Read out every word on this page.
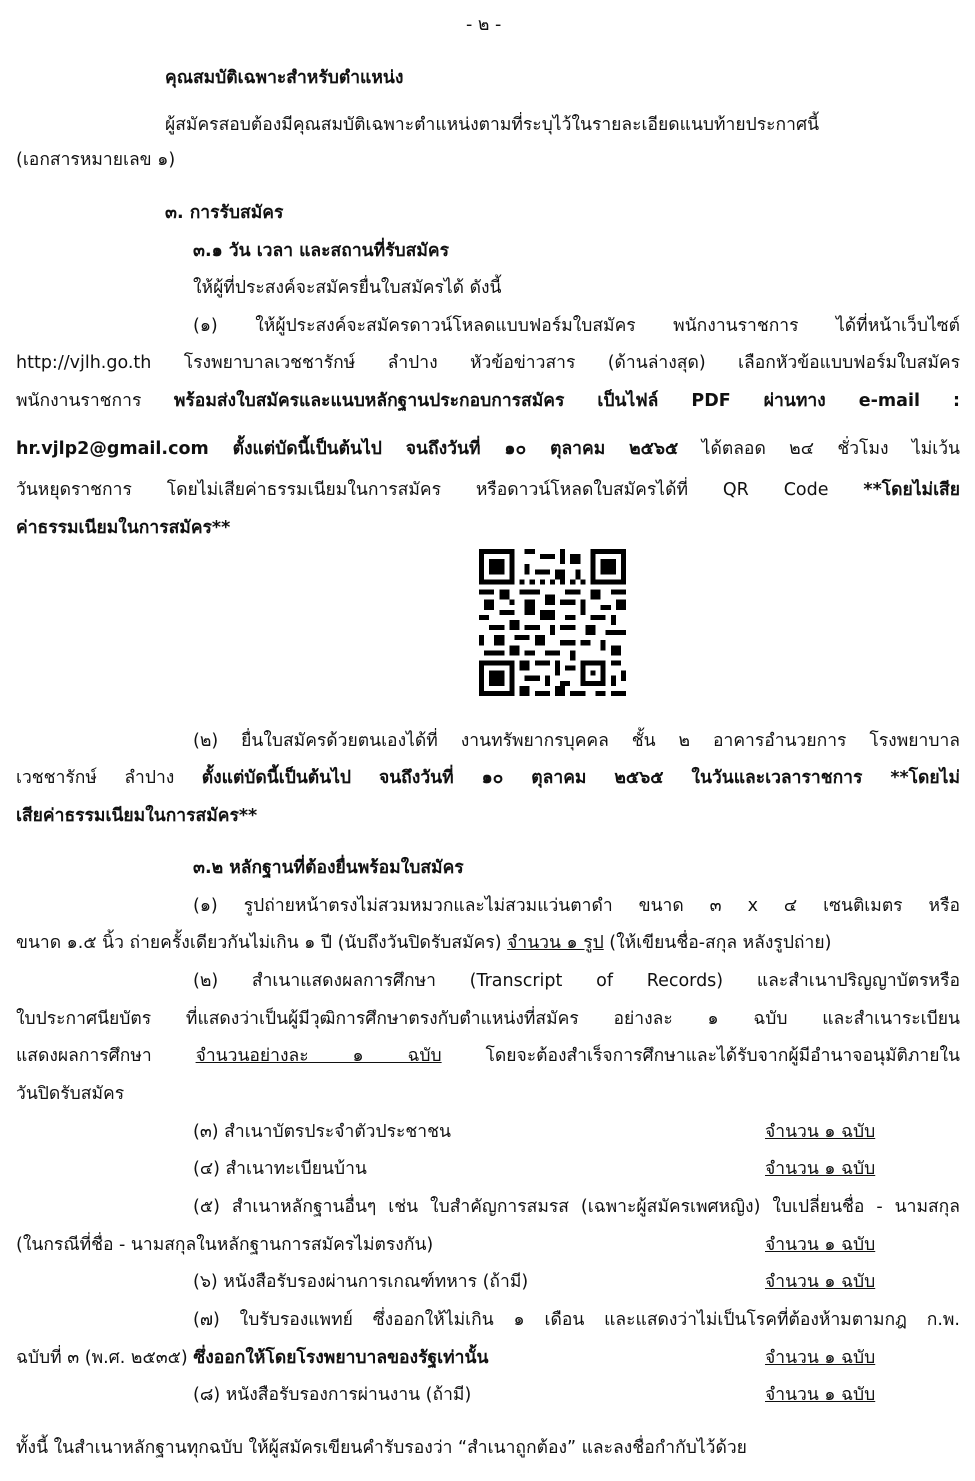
- ๒ -
คุณสมบัติเฉพาะสำหรับตำแหน่ง
ผู้สมัครสอบต้องมีคุณสมบัติเฉพาะตำแหน่งตามที่ระบุไว้ในรายละเอียดแนบท้ายประกาศนี้
(เอกสารหมายเลข ๑)
๓. การรับสมัคร
๓.๑ วัน เวลา และสถานที่รับสมัคร
ให้ผู้ที่ประสงค์จะสมัครยื่นใบสมัครได้ ดังนี้
(๑) ให้ผู้ประสงค์จะสมัครดาวน์โหลดแบบฟอร์มใบสมัคร พนักงานราชการ ได้ที่หน้าเว็บไซต์
http://vjlh.go.th โรงพยาบาลเวชชารักษ์ ลำปาง หัวข้อข่าวสาร (ด้านล่างสุด) เลือกหัวข้อแบบฟอร์มใบสมัคร
พนักงานราชการ พร้อมส่งใบสมัครและแนบหลักฐานประกอบการสมัคร เป็นไฟล์ PDF ผ่านทาง e-mail :
hr.vjlp2@gmail.com ตั้งแต่บัดนี้เป็นต้นไป จนถึงวันที่ ๑๐ ตุลาคม ๒๕๖๕ ได้ตลอด ๒๔ ชั่วโมง ไม่เว้น
วันหยุดราชการ โดยไม่เสียค่าธรรมเนียมในการสมัคร หรือดาวน์โหลดใบสมัครได้ที่ QR Code **โดยไม่เสีย
ค่าธรรมเนียมในการสมัคร**
(๒) ยื่นใบสมัครด้วยตนเองได้ที่ งานทรัพยากรบุคคล ชั้น ๒ อาคารอำนวยการ โรงพยาบาล
เวชชารักษ์ ลำปาง ตั้งแต่บัดนี้เป็นต้นไป จนถึงวันที่ ๑๐ ตุลาคม ๒๕๖๕ ในวันและเวลาราชการ **โดยไม่
เสียค่าธรรมเนียมในการสมัคร**
๓.๒ หลักฐานที่ต้องยื่นพร้อมใบสมัคร
(๑) รูปถ่ายหน้าตรงไม่สวมหมวกและไม่สวมแว่นตาดำ ขนาด ๓ x ๔ เซนติเมตร หรือ
ขนาด ๑.๕ นิ้ว ถ่ายครั้งเดียวกันไม่เกิน ๑ ปี (นับถึงวันปิดรับสมัคร) จำนวน ๑ รูป (ให้เขียนชื่อ-สกุล หลังรูปถ่าย)
(๒) สำเนาแสดงผลการศึกษา (Transcript of Records) และสำเนาปริญญาบัตรหรือ
ใบประกาศนียบัตร ที่แสดงว่าเป็นผู้มีวุฒิการศึกษาตรงกับตำแหน่งที่สมัคร อย่างละ ๑ ฉบับ และสำเนาระเบียน
แสดงผลการศึกษา จำนวนอย่างละ ๑ ฉบับ โดยจะต้องสำเร็จการศึกษาและได้รับจากผู้มีอำนาจอนุมัติภายใน
วันปิดรับสมัคร
(๓) สำเนาบัตรประจำตัวประชาชน	จำนวน ๑ ฉบับ
(๔) สำเนาทะเบียนบ้าน	จำนวน ๑ ฉบับ
(๕) สำเนาหลักฐานอื่นๆ เช่น ใบสำคัญการสมรส (เฉพาะผู้สมัครเพศหญิง) ใบเปลี่ยนชื่อ - นามสกุล
(ในกรณีที่ชื่อ - นามสกุลในหลักฐานการสมัครไม่ตรงกัน)	จำนวน ๑ ฉบับ
(๖) หนังสือรับรองผ่านการเกณฑ์ทหาร (ถ้ามี)	จำนวน ๑ ฉบับ
(๗) ใบรับรองแพทย์ ซึ่งออกให้ไม่เกิน ๑ เดือน และแสดงว่าไม่เป็นโรคที่ต้องห้ามตามกฎ ก.พ.
ฉบับที่ ๓ (พ.ศ. ๒๕๓๕) ซึ่งออกให้โดยโรงพยาบาลของรัฐเท่านั้น	จำนวน ๑ ฉบับ
(๘) หนังสือรับรองการผ่านงาน (ถ้ามี)	จำนวน ๑ ฉบับ
ทั้งนี้ ในสำเนาหลักฐานทุกฉบับ ให้ผู้สมัครเขียนคำรับรองว่า “สำเนาถูกต้อง” และลงชื่อกำกับไว้ด้วย
